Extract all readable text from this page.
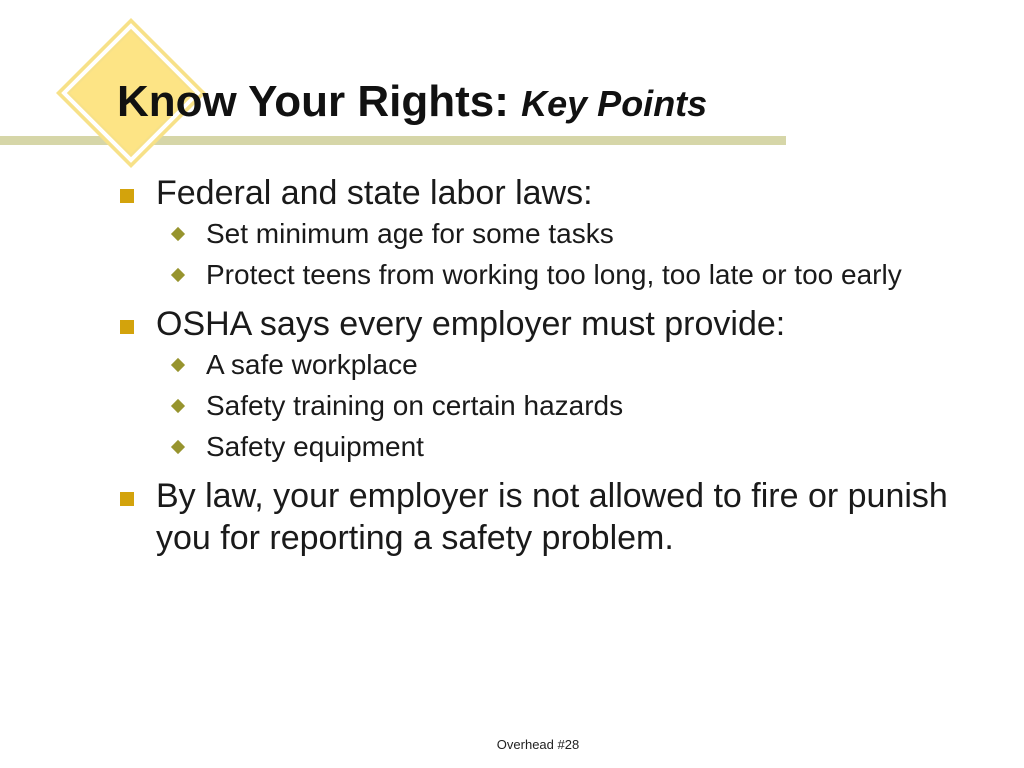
Know Your Rights: Key Points
Federal and state labor laws:
Set minimum age for some tasks
Protect teens from working too long, too late or too early
OSHA says every employer must provide:
A safe workplace
Safety training on certain hazards
Safety equipment
By law, your employer is not allowed to fire or punish you for reporting a safety problem.
Overhead #28
